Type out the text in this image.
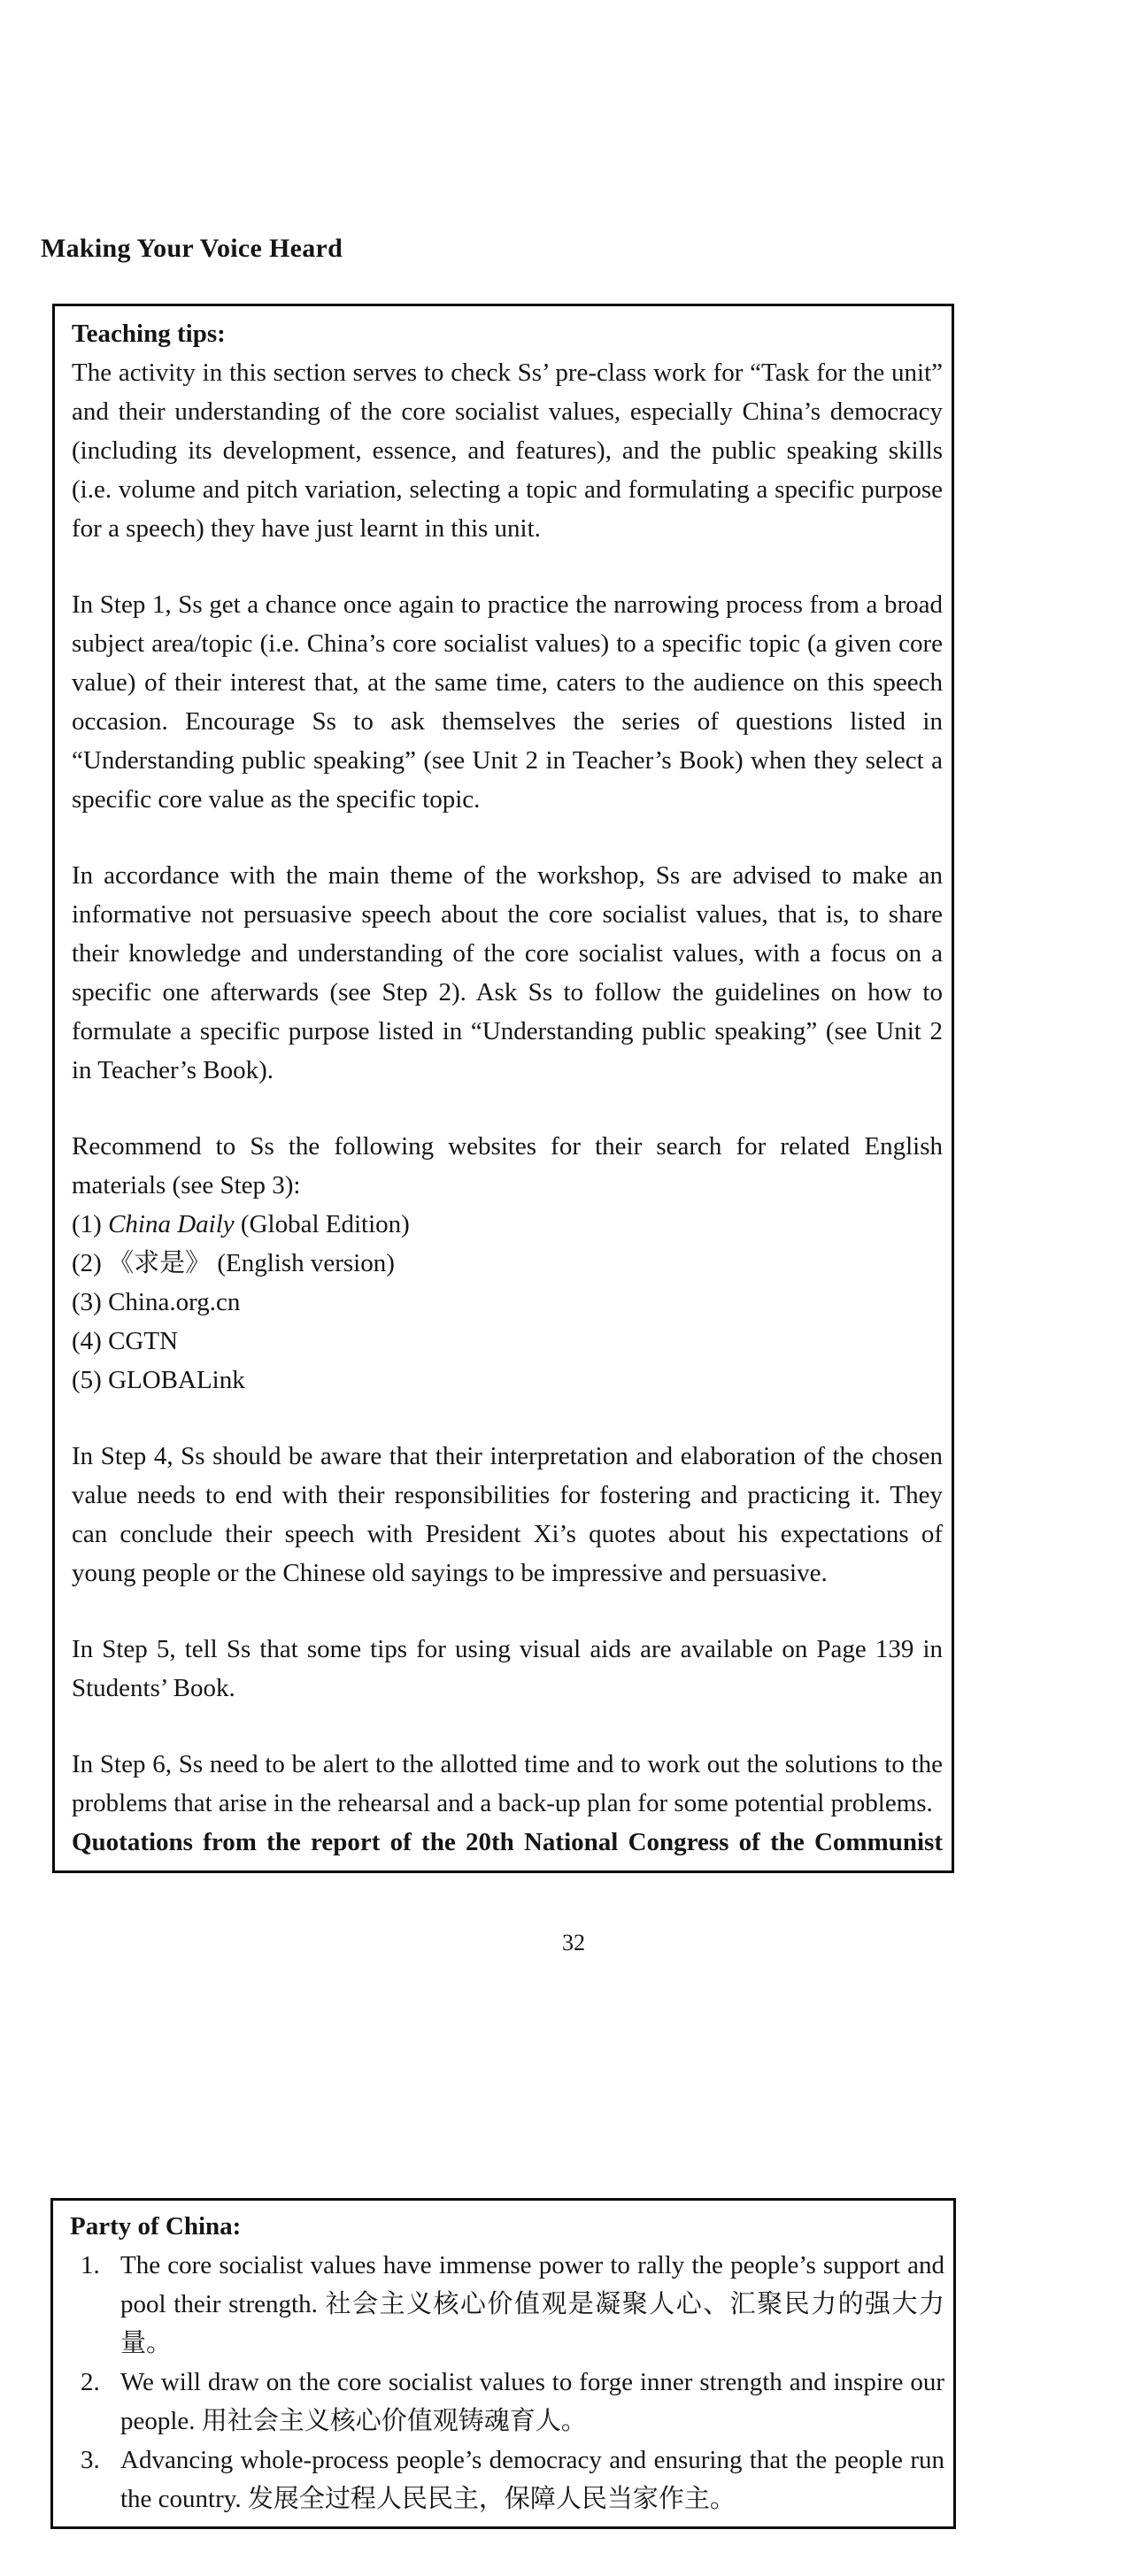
Making Your Voice Heard

Teaching tips:

The activity in this section serves to check Ss’ pre-class work for “Task for the unit” and their understanding of the core socialist values, especially China’s democracy (including its development, essence, and features), and the public speaking skills (i.e. volume and pitch variation, selecting a topic and formulating a specific purpose for a speech) they have just learnt in this unit.

In Step 1, Ss get a chance once again to practice the narrowing process from a broad subject area/topic (i.e. China’s core socialist values) to a specific topic (a given core value) of their interest that, at the same time, caters to the audience on this speech occasion. Encourage Ss to ask themselves the series of questions listed in “Understanding public speaking” (see Unit 2 in Teacher’s Book) when they select a specific core value as the specific topic.

In accordance with the main theme of the workshop, Ss are advised to make an informative not persuasive speech about the core socialist values, that is, to share their knowledge and understanding of the core socialist values, with a focus on a specific one afterwards (see Step 2). Ask Ss to follow the guidelines on how to formulate a specific purpose listed in “Understanding public speaking” (see Unit 2 in Teacher’s Book).

Recommend to Ss the following websites for their search for related English materials (see Step 3):

(1) China Daily (Global Edition)
(2) 《求是》 (English version)
(3) China.org.cn
(4) CGTN
(5) GLOBALink

In Step 4, Ss should be aware that their interpretation and elaboration of the chosen value needs to end with their responsibilities for fostering and practicing it. They can conclude their speech with President Xi’s quotes about his expectations of young people or the Chinese old sayings to be impressive and persuasive.

In Step 5, tell Ss that some tips for using visual aids are available on Page 139 in Students’ Book.

In Step 6, Ss need to be alert to the allotted time and to work out the solutions to the problems that arise in the rehearsal and a back-up plan for some potential problems.

Quotations from the report of the 20th National Congress of the Communist

32

Party of China:

1. The core socialist values have immense power to rally the people’s support and pool their strength. 社会主义核心价值观是凝聚人心、汇聚民力的强大力量。
2. We will draw on the core socialist values to forge inner strength and inspire our people. 用社会主义核心价值观铸魂育人。
3. Advancing whole-process people’s democracy and ensuring that the people run the country. 发展全过程人民民主，保障人民当家作主。
